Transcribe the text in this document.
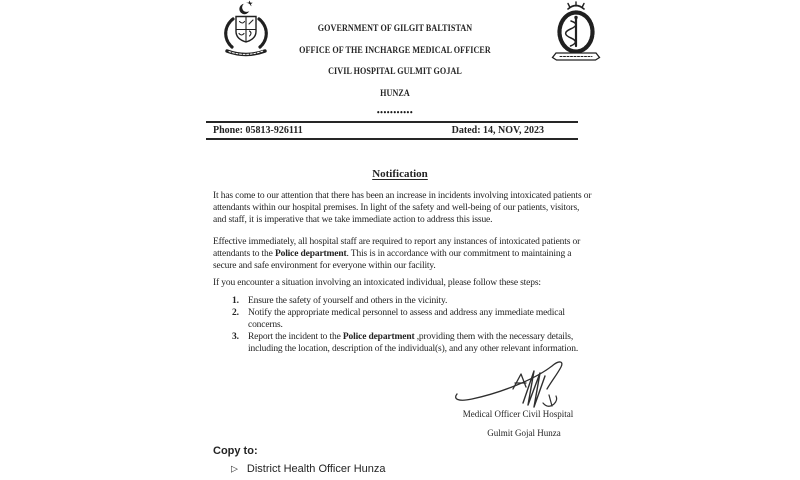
GOVERNMENT OF GILGIT BALTISTAN
OFFICE OF THE INCHARGE MEDICAL OFFICER
CIVIL HOSPITAL GULMIT GOJAL
HUNZA
•••••••••••
Phone: 05813-926111	Dated: 14, NOV, 2023
Notification
It has come to our attention that there has been an increase in incidents involving intoxicated patients or attendants within our hospital premises. In light of the safety and well-being of our patients, visitors, and staff, it is imperative that we take immediate action to address this issue.
Effective immediately, all hospital staff are required to report any instances of intoxicated patients or attendants to the Police department. This is in accordance with our commitment to maintaining a secure and safe environment for everyone within our facility.
If you encounter a situation involving an intoxicated individual, please follow these steps:
1. Ensure the safety of yourself and others in the vicinity.
2. Notify the appropriate medical personnel to assess and address any immediate medical concerns.
3. Report the incident to the Police department ,providing them with the necessary details, including the location, description of the individual(s), and any other relevant information.
Medical Officer Civil Hospital
Gulmit Gojal Hunza
Copy to:
▷ District Health Officer Hunza
